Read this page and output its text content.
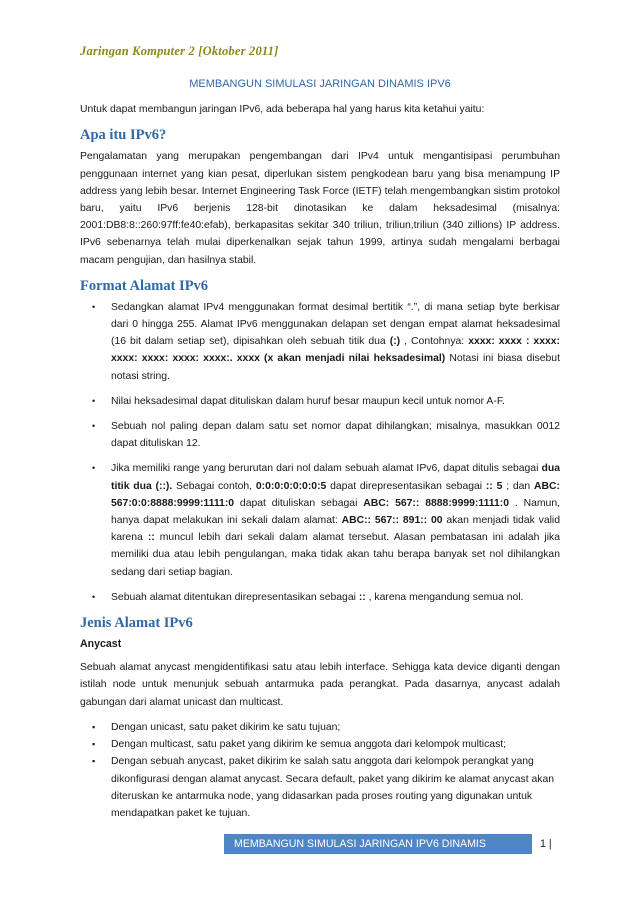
Jaringan Komputer 2 [Oktober 2011]

MEMBANGUN SIMULASI JARINGAN DINAMIS IPV6

Untuk dapat membangun jaringan IPv6, ada beberapa hal yang harus kita ketahui yaitu:

Apa itu IPv6?

Pengalamatan yang merupakan pengembangan dari IPv4 untuk mengantisipasi perumbuhan penggunaan internet yang kian pesat, diperlukan sistem pengkodean baru yang bisa menampung IP address yang lebih besar. Internet Engineering Task Force (IETF) telah mengembangkan sistim protokol baru, yaitu IPv6 berjenis 128-bit dinotasikan ke dalam heksadesimal (misalnya: 2001:DB8:8::260:97ff:fe40:efab), berkapasitas sekitar 340 triliun, triliun,triliun (340 zillions) IP address. IPv6 sebenarnya telah mulai diperkenalkan sejak tahun 1999, artinya sudah mengalami berbagai macam pengujian, dan hasilnya stabil.

Format Alamat IPv6
• Sedangkan alamat IPv4 menggunakan format desimal bertitik “.”, di mana setiap byte berkisar dari 0 hingga 255. Alamat IPv6 menggunakan delapan set dengan empat alamat heksadesimal (16 bit dalam setiap set), dipisahkan oleh sebuah titik dua (:) , Contohnya: xxxx: xxxx : xxxx: xxxx: xxxx: xxxx: xxxx:. xxxx (x akan menjadi nilai heksadesimal) Notasi ini biasa disebut notasi string.
• Nilai heksadesimal dapat dituliskan dalam huruf besar maupun kecil untuk nomor A-F.
• Sebuah nol paling depan dalam satu set nomor dapat dihilangkan; misalnya, masukkan 0012 dapat dituliskan 12.
• Jika memiliki range yang berurutan dari nol dalam sebuah alamat IPv6, dapat ditulis sebagai dua titik dua (::). Sebagai contoh, 0:0:0:0:0:0:0:5 dapat direpresentasikan sebagai :: 5 ; dan ABC: 567:0:0:8888:9999:1111:0 dapat dituliskan sebagai ABC: 567:: 8888:9999:1111:0 . Namun, hanya dapat melakukan ini sekali dalam alamat: ABC:: 567:: 891:: 00 akan menjadi tidak valid karena :: muncul lebih dari sekali dalam alamat tersebut. Alasan pembatasan ini adalah jika memiliki dua atau lebih pengulangan, maka tidak akan tahu berapa banyak set nol dihilangkan sedang dari setiap bagian.
• Sebuah alamat ditentukan direpresentasikan sebagai :: , karena mengandung semua nol.
Jenis Alamat IPv6
Anycast

Sebuah alamat anycast mengidentifikasi satu atau lebih interface. Sehigga kata device diganti dengan istilah node untuk menunjuk sebuah antarmuka pada perangkat. Pada dasarnya, anycast adalah gabungan dari alamat unicast dan multicast.

▪ Dengan unicast, satu paket dikirim ke satu tujuan;
▪ Dengan multicast, satu paket yang dikirim ke semua anggota dari kelompok multicast;
▪ Dengan sebuah anycast, paket dikirim ke salah satu anggota dari kelompok perangkat yang dikonfigurasi dengan alamat anycast. Secara default, paket yang dikirim ke alamat anycast akan diteruskan ke antarmuka node, yang didasarkan pada proses routing yang digunakan untuk mendapatkan paket ke tujuan.
MEMBANGUN SIMULASI JARINGAN IPV6 DINAMIS	1 |
